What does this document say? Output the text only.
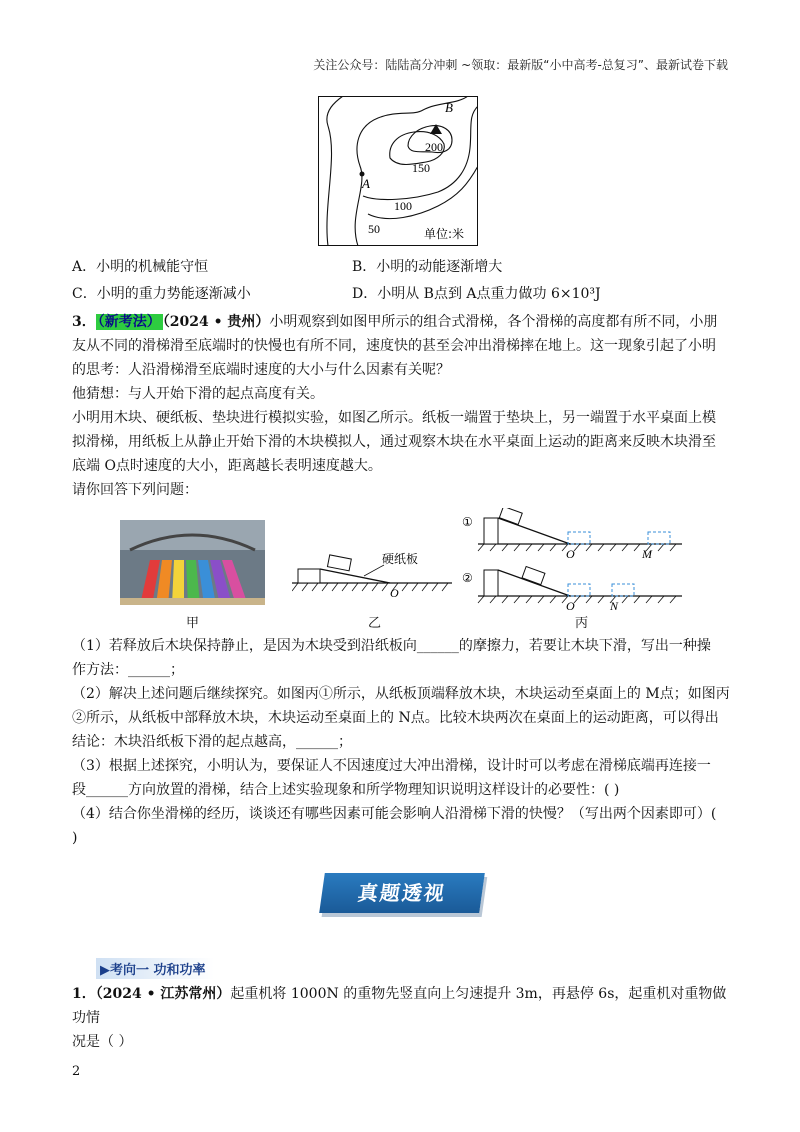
关注公众号：陆陆高分冲刺 ~领取：最新版“小中高考-总复习”、最新试卷下载
B
A
200
150
100
50	单位:米
A．小明的机械能守恒	B．小明的动能逐渐增大
C．小明的重力势能逐渐减小	D．小明从 B点到 A点重力做功 6×10³J
3． （新考法） （2024 • 贵州）小明观察到如图甲所示的组合式滑梯，各个滑梯的高度都有所不同，小朋
友从不同的滑梯滑至底端时的快慢也有所不同，速度快的甚至会冲出滑梯摔在地上。这一现象引起了小明
的思考：人沿滑梯滑至底端时速度的大小与什么因素有关呢？
他猜想：与人开始下滑的起点高度有关。
小明用木块、硬纸板、垫块进行模拟实验，如图乙所示。纸板一端置于垫块上，另一端置于水平桌面上模
拟滑梯，用纸板上从静止开始下滑的木块模拟人，通过观察木块在水平桌面上运动的距离来反映木块滑至
底端 O点时速度的大小，距离越长表明速度越大。
请你回答下列问题：
甲
硬纸板
O
乙
①
O	M
②
O	N
丙
（1）若释放后木块保持静止，是因为木块受到沿纸板向______的摩擦力，若要让木块下滑，写出一种操
作方法：______；
（2）解决上述问题后继续探究。如图丙①所示，从纸板顶端释放木块，木块运动至桌面上的 M点；如图丙
②所示，从纸板中部释放木块，木块运动至桌面上的 N点。比较木块两次在桌面上的运动距离，可以得出
结论：木块沿纸板下滑的起点越高，______；
（3）根据上述探究，小明认为，要保证人不因速度过大冲出滑梯，设计时可以考虑在滑梯底端再连接一
段______方向放置的滑梯，结合上述实验现象和所学物理知识说明这样设计的必要性：( )
（4）结合你坐滑梯的经历，谈谈还有哪些因素可能会影响人沿滑梯下滑的快慢？（写出两个因素即可）(
)
真题透视
▶考向一 功和功率
1．（2024 • 江苏常州）起重机将 1000N 的重物先竖直向上匀速提升 3m，再悬停 6s，起重机对重物做功情
况是（ ）
2
